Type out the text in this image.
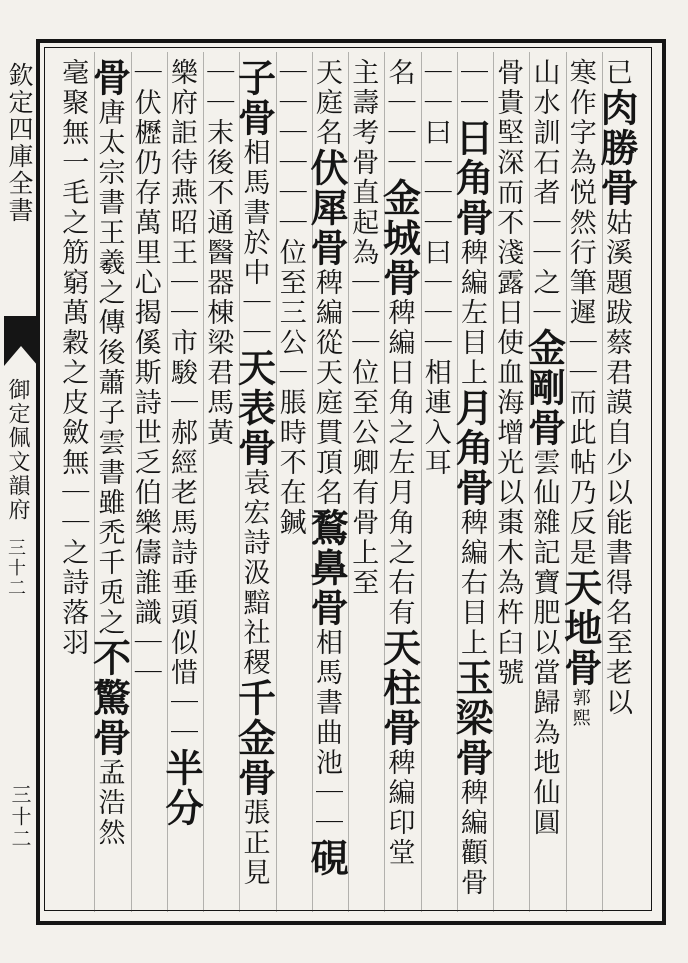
欽定四庫全書
御定佩文韻府
三十二
三十二
已肉勝骨姑溪題跋蔡君謨自少以能書得名至老以
寒作字為悦然行筆遲｜｜而此帖乃反是天地骨郭熙
山水訓石者｜｜之｜金剛骨雲仙雜記寶肥以當歸為地仙圓
骨貴堅深而不淺露日使血海增光以棗木為杵臼號
｜｜日角骨稗編左目上月角骨稗編右目上玉梁骨稗編顴骨
｜｜曰｜｜｜曰｜｜｜相連入耳
名｜｜｜金城骨稗編日角之左月角之右有天柱骨稗編印堂
主壽考骨直起為｜｜｜位至公卿有骨上至
天庭名伏犀骨稗編從天庭貫頂名鶩鼻骨相馬書曲池｜｜硯
｜｜｜｜｜｜位至三公｜脹時不在鍼
子骨相馬書於中｜｜天表骨袁宏詩汲黯社稷千金骨張正見
｜｜末後不通醫器棟梁君馬黃
樂府詎待燕昭王｜｜市駿｜郝經老馬詩垂頭似惜｜｜半分
｜伏櫪仍存萬里心揭傒斯詩世乏伯樂儔誰識｜｜
骨唐太宗書王羲之傳後蕭子雲書雖禿千兎之不驚骨孟浩然
毫聚無一毛之筋窮萬穀之皮斂無｜｜之詩落羽
